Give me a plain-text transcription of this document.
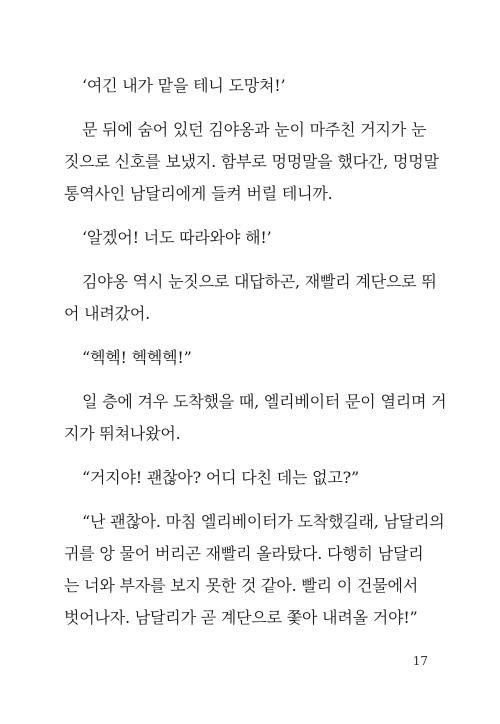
‘여긴 내가 맡을 테니 도망쳐!’

문 뒤에 숨어 있던 김야옹과 눈이 마주친 거지가 눈
짓으로 신호를 보냈지. 함부로 멍멍말을 했다간, 멍멍말
통역사인 남달리에게 들켜 버릴 테니까.

‘알겠어! 너도 따라와야 해!’

김야옹 역시 눈짓으로 대답하곤, 재빨리 계단으로 뛰
어 내려갔어.

“헥헥! 헥헥헥!”

일 층에 겨우 도착했을 때, 엘리베이터 문이 열리며 거
지가 뛰쳐나왔어.

“거지야! 괜찮아? 어디 다친 데는 없고?”

“난 괜찮아. 마침 엘리베이터가 도착했길래, 남달리의
귀를 앙 물어 버리곤 재빨리 올라탔다. 다행히 남달리
는 너와 부자를 보지 못한 것 같아. 빨리 이 건물에서
벗어나자. 남달리가 곧 계단으로 쫓아 내려올 거야!”

17
